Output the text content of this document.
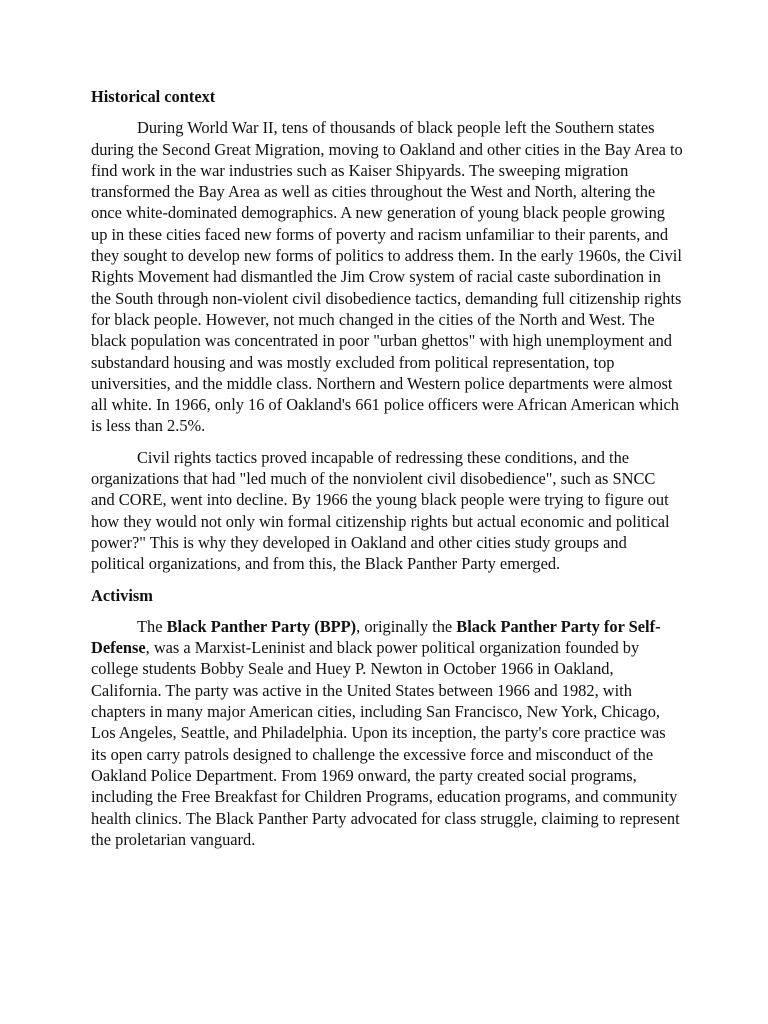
Historical context

During World War II, tens of thousands of black people left the Southern states during the Second Great Migration, moving to Oakland and other cities in the Bay Area to find work in the war industries such as Kaiser Shipyards. The sweeping migration transformed the Bay Area as well as cities throughout the West and North, altering the once white-dominated demographics. A new generation of young black people growing up in these cities faced new forms of poverty and racism unfamiliar to their parents, and they sought to develop new forms of politics to address them. In the early 1960s, the Civil Rights Movement had dismantled the Jim Crow system of racial caste subordination in the South through non-violent civil disobedience tactics, demanding full citizenship rights for black people. However, not much changed in the cities of the North and West. The black population was concentrated in poor "urban ghettos" with high unemployment and substandard housing and was mostly excluded from political representation, top universities, and the middle class. Northern and Western police departments were almost all white. In 1966, only 16 of Oakland's 661 police officers were African American which is less than 2.5%.

Civil rights tactics proved incapable of redressing these conditions, and the organizations that had "led much of the nonviolent civil disobedience", such as SNCC and CORE, went into decline. By 1966 the young black people were trying to figure out how they would not only win formal citizenship rights but actual economic and political power?" This is why they developed in Oakland and other cities study groups and political organizations, and from this, the Black Panther Party emerged.

Activism

The Black Panther Party (BPP), originally the Black Panther Party for Self-Defense, was a Marxist-Leninist and black power political organization founded by college students Bobby Seale and Huey P. Newton in October 1966 in Oakland, California. The party was active in the United States between 1966 and 1982, with chapters in many major American cities, including San Francisco, New York, Chicago, Los Angeles, Seattle, and Philadelphia. Upon its inception, the party's core practice was its open carry patrols designed to challenge the excessive force and misconduct of the Oakland Police Department. From 1969 onward, the party created social programs, including the Free Breakfast for Children Programs, education programs, and community health clinics. The Black Panther Party advocated for class struggle, claiming to represent the proletarian vanguard.
